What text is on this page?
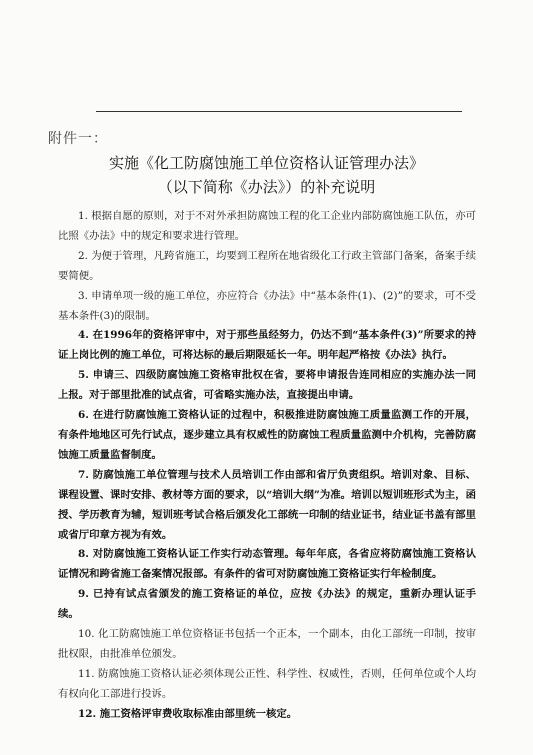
附件一：
实施《化工防腐蚀施工单位资格认证管理办法》
（以下简称《办法》）的补充说明

1. 根据自愿的原则，对于不对外承担防腐蚀工程的化工企业内部防腐蚀施工队伍，亦可比照《办法》中的规定和要求进行管理。

2. 为便于管理，凡跨省施工，均要到工程所在地省级化工行政主管部门备案，备案手续要简便。

3. 申请单项一级的施工单位，亦应符合《办法》中“基本条件(1)、(2)”的要求，可不受基本条件(3)的限制。

4. 在1996年的资格评审中，对于那些虽经努力，仍达不到“基本条件(3)”所要求的持证上岗比例的施工单位，可将达标的最后期限延长一年。明年起严格按《办法》执行。

5. 申请三、四级防腐蚀施工资格审批权在省，要将申请报告连同相应的实施办法一同上报。对于部里批准的试点省，可省略实施办法，直接提出申请。

6. 在进行防腐蚀施工资格认证的过程中，积极推进防腐蚀施工质量监测工作的开展，有条件地地区可先行试点，逐步建立具有权威性的防腐蚀工程质量监测中介机构，完善防腐蚀施工质量监督制度。

7. 防腐蚀施工单位管理与技术人员培训工作由部和省厅负责组织。培训对象、目标、课程设置、课时安排、教材等方面的要求，以“培训大纲”为准。培训以短训班形式为主，函授、学历教育为辅，短训班考试合格后颁发化工部统一印制的结业证书，结业证书盖有部里或省厅印章方视为有效。

8. 对防腐蚀施工资格认证工作实行动态管理。每年年底，各省应将防腐蚀施工资格认证情况和跨省施工备案情况报部。有条件的省可对防腐蚀施工资格证实行年检制度。

9. 已持有试点省颁发的施工资格证的单位，应按《办法》的规定，重新办理认证手续。

10. 化工防腐蚀施工单位资格证书包括一个正本，一个副本，由化工部统一印制，按审批权限，由批准单位颁发。

11. 防腐蚀施工资格认证必须体现公正性、科学性、权威性，否则，任何单位或个人均有权向化工部进行投诉。

12. 施工资格评审费收取标准由部里统一核定。
